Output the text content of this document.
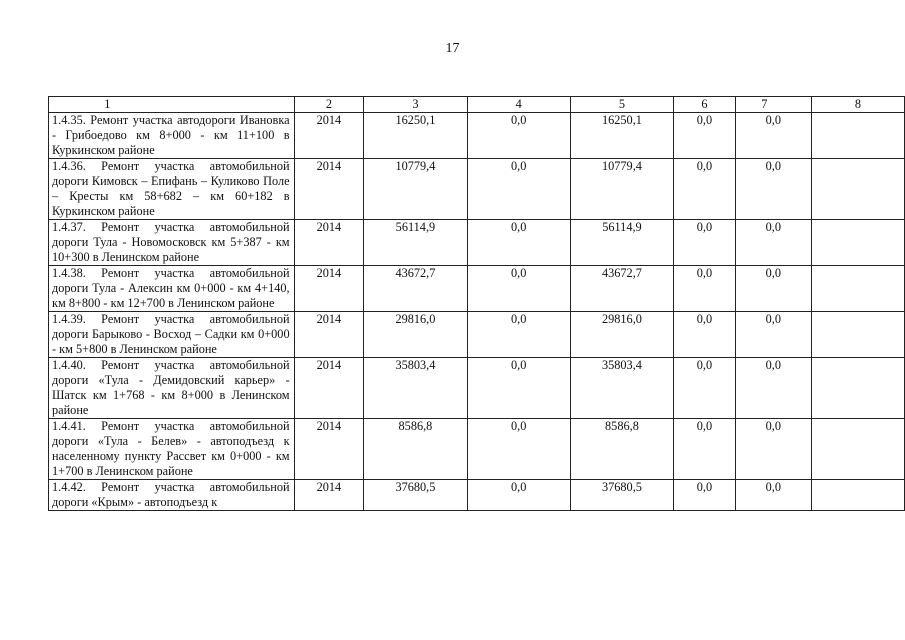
17
1	2	3	4	5	6	7	8
1.4.35. Ремонт участка автодороги Ивановка - Грибоедово км 8+000 - км 11+100 в Куркинском районе	2014	16250,1	0,0	16250,1	0,0	0,0	
1.4.36. Ремонт участка автомобильной дороги Кимовск – Епифань – Куликово Поле – Кресты км 58+682 – км 60+182 в Куркинском районе	2014	10779,4	0,0	10779,4	0,0	0,0	
1.4.37. Ремонт участка автомобильной дороги Тула - Новомосковск км 5+387 - км 10+300 в Ленинском районе	2014	56114,9	0,0	56114,9	0,0	0,0	
1.4.38. Ремонт участка автомобильной дороги Тула - Алексин км 0+000 - км 4+140, км 8+800 - км 12+700 в Ленинском районе	2014	43672,7	0,0	43672,7	0,0	0,0	
1.4.39. Ремонт участка автомобильной дороги Барыково - Восход – Садки км 0+000 - км 5+800 в Ленинском районе	2014	29816,0	0,0	29816,0	0,0	0,0	
1.4.40. Ремонт участка автомобильной дороги «Тула - Демидовский карьер» - Шатск км 1+768 - км 8+000 в Ленинском районе	2014	35803,4	0,0	35803,4	0,0	0,0	
1.4.41. Ремонт участка автомобильной дороги «Тула - Белев» - автоподъезд к населенному пункту Рассвет км 0+000 - км 1+700 в Ленинском районе	2014	8586,8	0,0	8586,8	0,0	0,0	
1.4.42. Ремонт участка автомобильной дороги «Крым» - автоподъезд к	2014	37680,5	0,0	37680,5	0,0	0,0	
